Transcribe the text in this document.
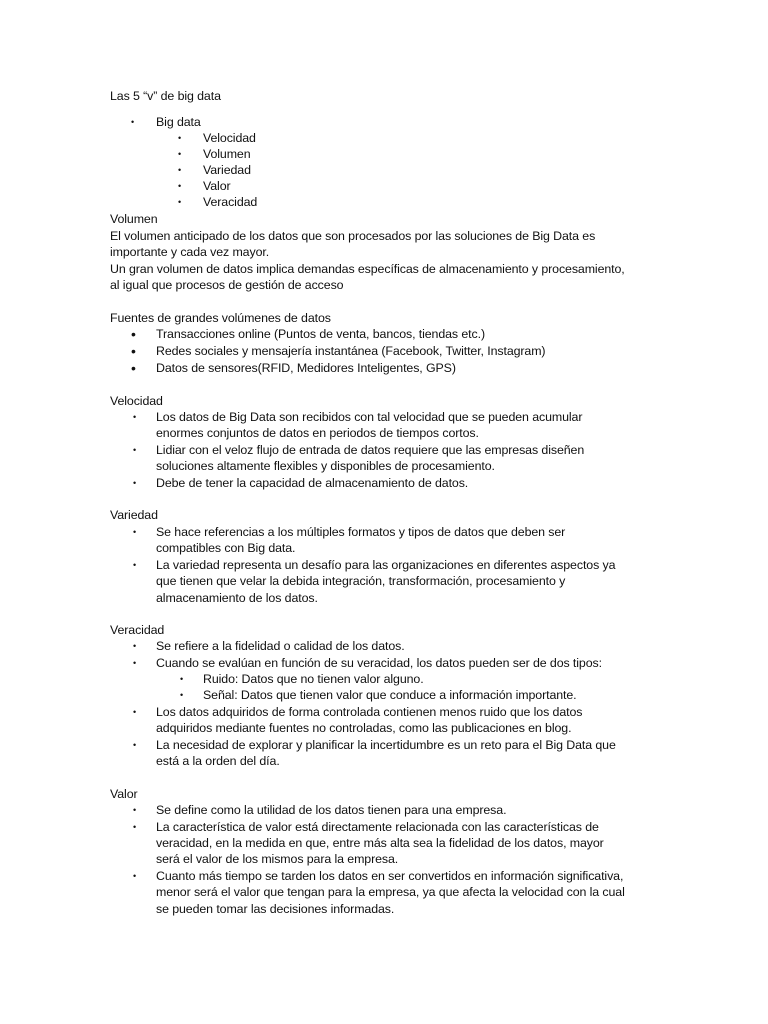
Las 5 “v” de big data
• Big data
• Velocidad
• Volumen
• Variedad
• Valor
• Veracidad
Volumen
El volumen anticipado de los datos que son procesados por las soluciones de Big Data es
importante y cada vez mayor.
Un gran volumen de datos implica demandas específicas de almacenamiento y procesamiento,
al igual que procesos de gestión de acceso
Fuentes de grandes volúmenes de datos
• Transacciones online (Puntos de venta, bancos, tiendas etc.)
• Redes sociales y mensajería instantánea (Facebook, Twitter, Instagram)
• Datos de sensores(RFID, Medidores Inteligentes, GPS)
Velocidad
• Los datos de Big Data son recibidos con tal velocidad que se pueden acumular
enormes conjuntos de datos en periodos de tiempos cortos.
• Lidiar con el veloz flujo de entrada de datos requiere que las empresas diseñen
soluciones altamente flexibles y disponibles de procesamiento.
• Debe de tener la capacidad de almacenamiento de datos.
Variedad
• Se hace referencias a los múltiples formatos y tipos de datos que deben ser
compatibles con Big data.
• La variedad representa un desafío para las organizaciones en diferentes aspectos ya
que tienen que velar la debida integración, transformación, procesamiento y
almacenamiento de los datos.
Veracidad
• Se refiere a la fidelidad o calidad de los datos.
• Cuando se evalúan en función de su veracidad, los datos pueden ser de dos tipos:
• Ruido: Datos que no tienen valor alguno.
• Señal: Datos que tienen valor que conduce a información importante.
• Los datos adquiridos de forma controlada contienen menos ruido que los datos
adquiridos mediante fuentes no controladas, como las publicaciones en blog.
• La necesidad de explorar y planificar la incertidumbre es un reto para el Big Data que
está a la orden del día.
Valor
• Se define como la utilidad de los datos tienen para una empresa.
• La característica de valor está directamente relacionada con las características de
veracidad, en la medida en que, entre más alta sea la fidelidad de los datos, mayor
será el valor de los mismos para la empresa.
• Cuanto más tiempo se tarden los datos en ser convertidos en información significativa,
menor será el valor que tengan para la empresa, ya que afecta la velocidad con la cual
se pueden tomar las decisiones informadas.
